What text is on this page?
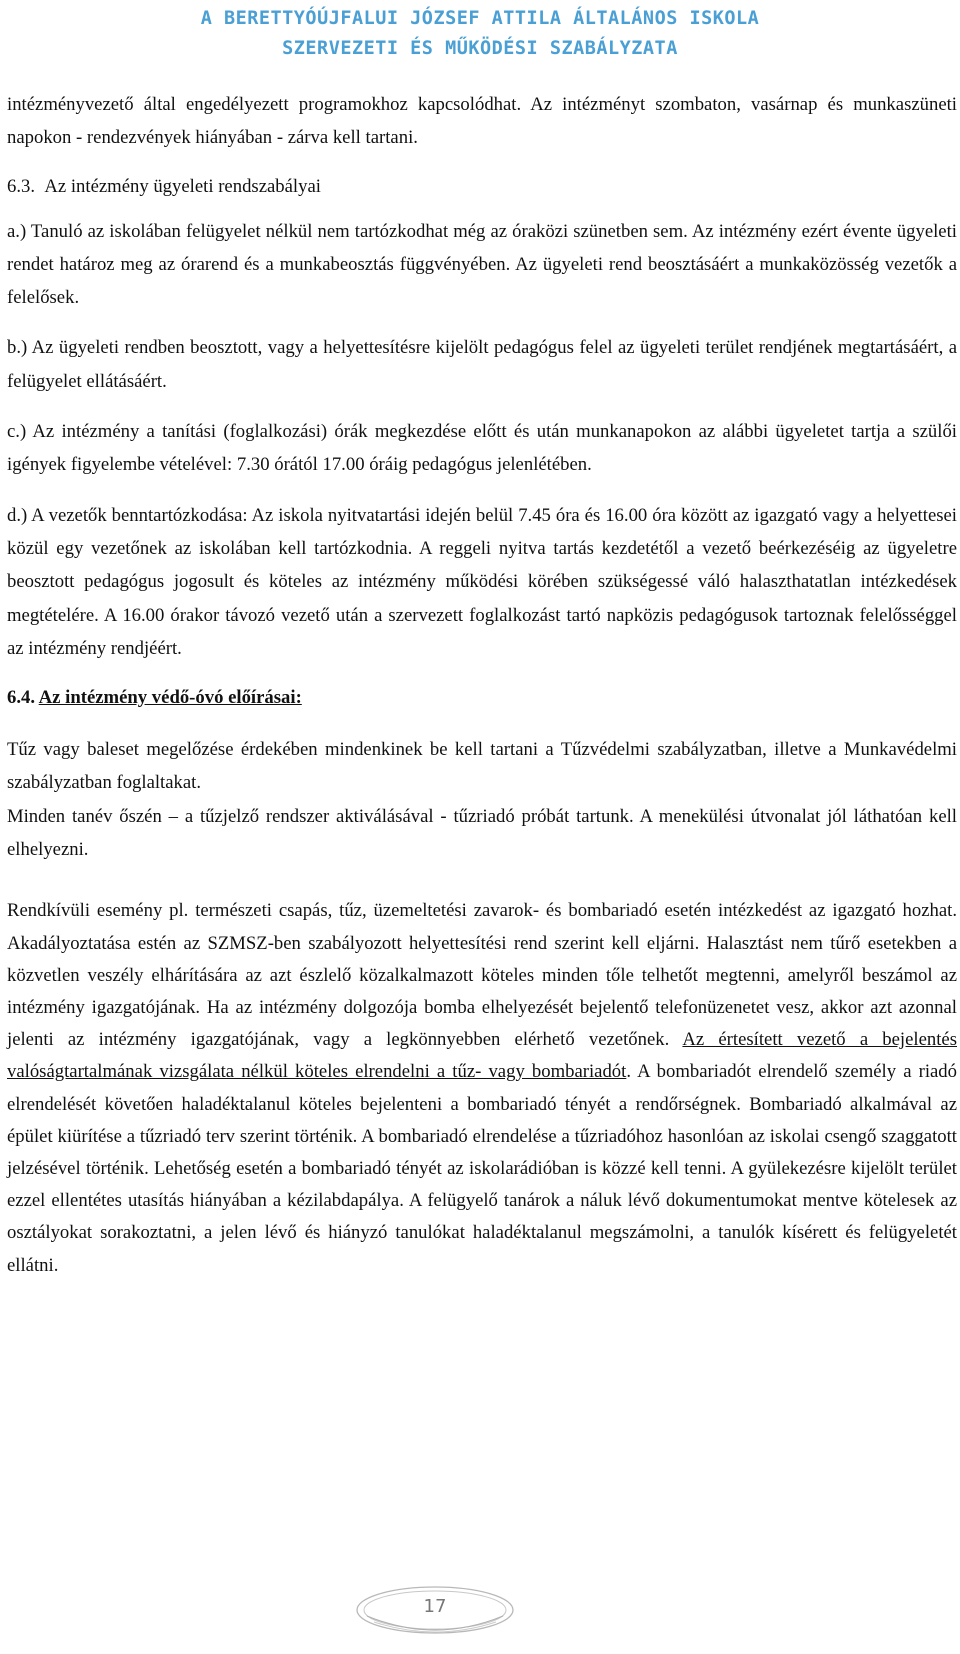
A BERETTYÓÚJFALUI JÓZSEF ATTILA ÁLTALÁNOS ISKOLA
SZERVEZETI ÉS MŰKÖDÉSI SZABÁLYZATA

intézményvezető által engedélyezett programokhoz kapcsolódhat. Az intézményt szombaton, vasárnap és munkaszüneti napokon - rendezvények hiányában - zárva kell tartani.

6.3. Az intézmény ügyeleti rendszabályai

a.) Tanuló az iskolában felügyelet nélkül nem tartózkodhat még az óraközi szünetben sem. Az intézmény ezért évente ügyeleti rendet határoz meg az órarend és a munkabeosztás függvényében. Az ügyeleti rend beosztásáért a munkaközösség vezetők a felelősek.

b.) Az ügyeleti rendben beosztott, vagy a helyettesítésre kijelölt pedagógus felel az ügyeleti terület rendjének megtartásáért, a felügyelet ellátásáért.

c.) Az intézmény a tanítási (foglalkozási) órák megkezdése előtt és után munkanapokon az alábbi ügyeletet tartja a szülői igények figyelembe vételével: 7.30 órától 17.00 óráig pedagógus jelenlétében.

d.) A vezetők benntartózkodása: Az iskola nyitvatartási idején belül 7.45 óra és 16.00 óra között az igazgató vagy a helyettesei közül egy vezetőnek az iskolában kell tartózkodnia. A reggeli nyitva tartás kezdetétől a vezető beérkezéséig az ügyeletre beosztott pedagógus jogosult és köteles az intézmény működési körében szükségessé váló halaszthatatlan intézkedések megtételére. A 16.00 órakor távozó vezető után a szervezett foglalkozást tartó napközis pedagógusok tartoznak felelősséggel az intézmény rendjéért.

6.4. Az intézmény védő-óvó előírásai:

Tűz vagy baleset megelőzése érdekében mindenkinek be kell tartani a Tűzvédelmi szabályzatban, illetve a Munkavédelmi szabályzatban foglaltakat.

Minden tanév őszén – a tűzjelző rendszer aktiválásával - tűzriadó próbát tartunk. A menekülési útvonalat jól láthatóan kell elhelyezni.

Rendkívüli esemény pl. természeti csapás, tűz, üzemeltetési zavarok- és bombariadó esetén intézkedést az igazgató hozhat. Akadályoztatása estén az SZMSZ-ben szabályozott helyettesítési rend szerint kell eljárni. Halasztást nem tűrő esetekben a közvetlen veszély elhárítására az azt észlelő közalkalmazott köteles minden tőle telhetőt megtenni, amelyről beszámol az intézmény igazgatójának. Ha az intézmény dolgozója bomba elhelyezését bejelentő telefonüzenetet vesz, akkor azt azonnal jelenti az intézmény igazgatójának, vagy a legkönnyebben elérhető vezetőnek. Az értesített vezető a bejelentés valóságtartalmának vizsgálata nélkül köteles elrendelni a tűz- vagy bombariadót. A bombariadót elrendelő személy a riadó elrendelését követően haladéktalanul köteles bejelenteni a bombariadó tényét a rendőrségnek. Bombariadó alkalmával az épület kiürítése a tűzriadó terv szerint történik. A bombariadó elrendelése a tűzriadóhoz hasonlóan az iskolai csengő szaggatott jelzésével történik. Lehetőség esetén a bombariadó tényét az iskolarádióban is közzé kell tenni. A gyülekezésre kijelölt terület ezzel ellentétes utasítás hiányában a kézilabdapálya. A felügyelő tanárok a náluk lévő dokumentumokat mentve kötelesek az osztályokat sorakoztatni, a jelen lévő és hiányzó tanulókat haladéktalanul megszámolni, a tanulók kísérett és felügyeletét ellátni.

17
